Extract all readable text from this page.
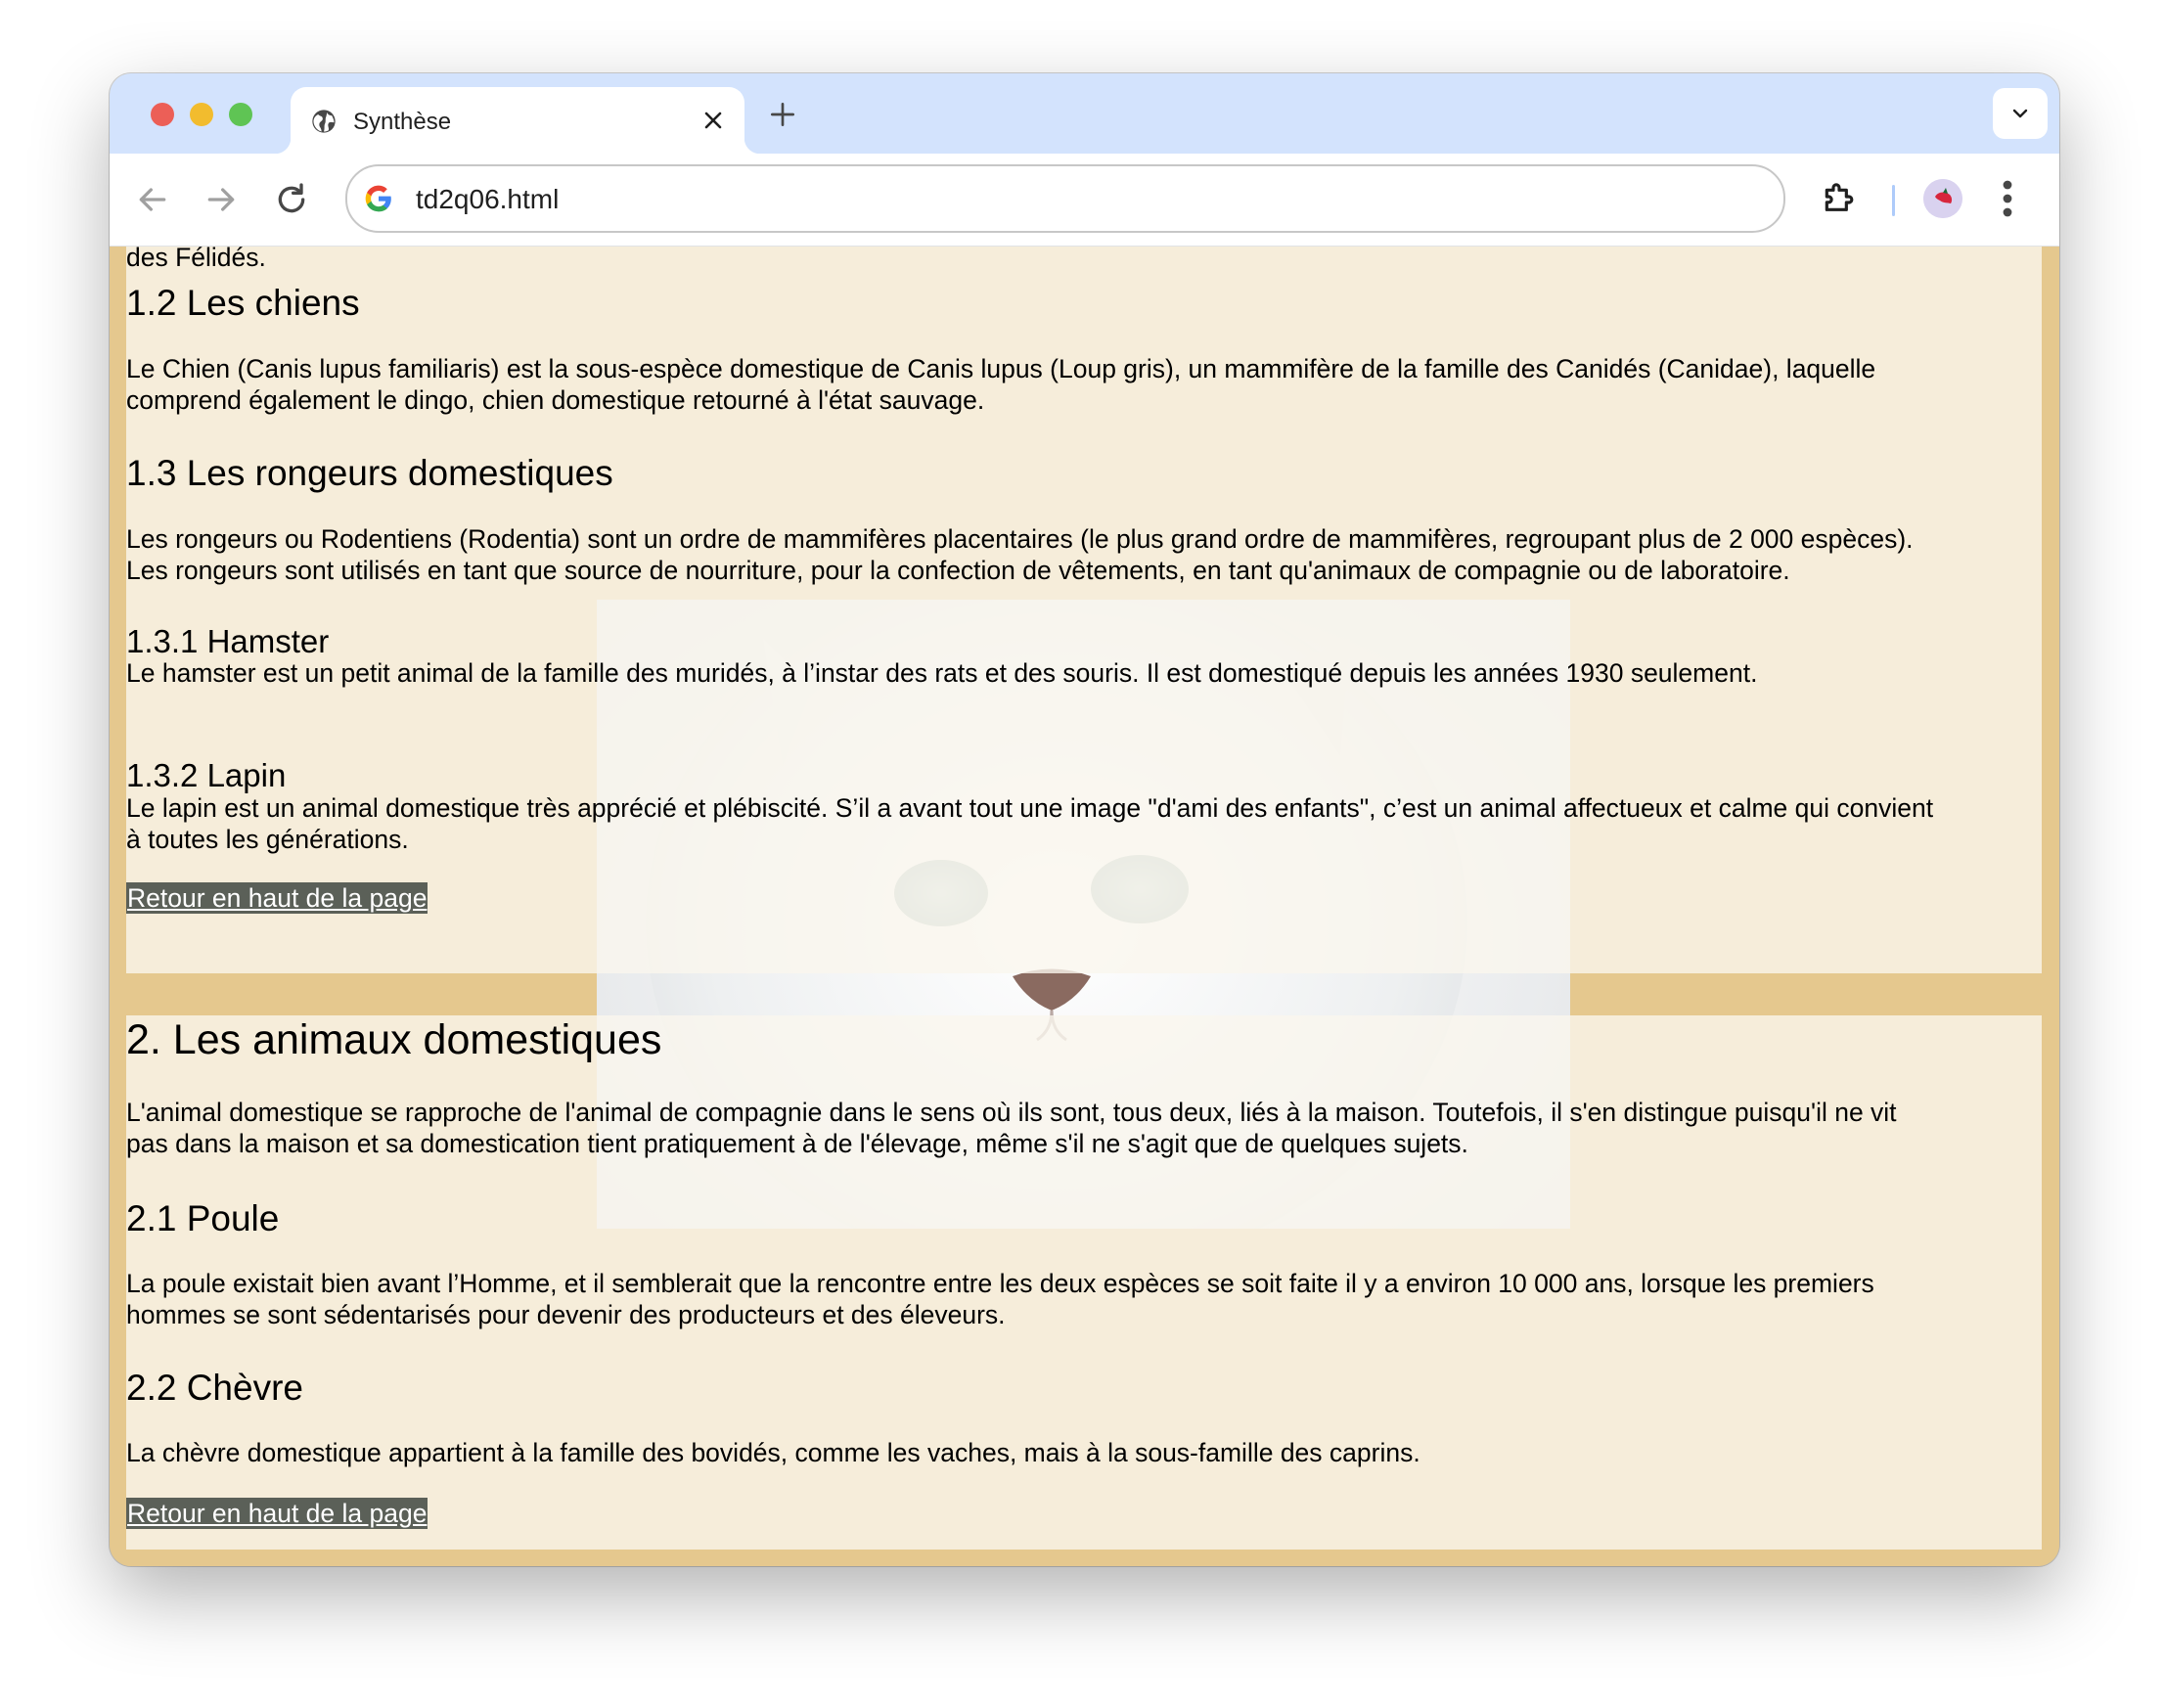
Synthèse
td2q06.html
des Félidés.
1.2 Les chiens
Le Chien (Canis lupus familiaris) est la sous-espèce domestique de Canis lupus (Loup gris), un mammifère de la famille des Canidés (Canidae), laquelle
comprend également le dingo, chien domestique retourné à l'état sauvage.
1.3 Les rongeurs domestiques
Les rongeurs ou Rodentiens (Rodentia) sont un ordre de mammifères placentaires (le plus grand ordre de mammifères, regroupant plus de 2 000 espèces).
Les rongeurs sont utilisés en tant que source de nourriture, pour la confection de vêtements, en tant qu'animaux de compagnie ou de laboratoire.
1.3.1 Hamster
Le hamster est un petit animal de la famille des muridés, à l’instar des rats et des souris. Il est domestiqué depuis les années 1930 seulement.
1.3.2 Lapin
Le lapin est un animal domestique très apprécié et plébiscité. S’il a avant tout une image "d'ami des enfants", c’est un animal affectueux et calme qui convient
à toutes les générations.
Retour en haut de la page
2. Les animaux domestiques
L'animal domestique se rapproche de l'animal de compagnie dans le sens où ils sont, tous deux, liés à la maison. Toutefois, il s'en distingue puisqu'il ne vit
pas dans la maison et sa domestication tient pratiquement à de l'élevage, même s'il ne s'agit que de quelques sujets.
2.1 Poule
La poule existait bien avant l’Homme, et il semblerait que la rencontre entre les deux espèces se soit faite il y a environ 10 000 ans, lorsque les premiers
hommes se sont sédentarisés pour devenir des producteurs et des éleveurs.
2.2 Chèvre
La chèvre domestique appartient à la famille des bovidés, comme les vaches, mais à la sous-famille des caprins.
Retour en haut de la page
